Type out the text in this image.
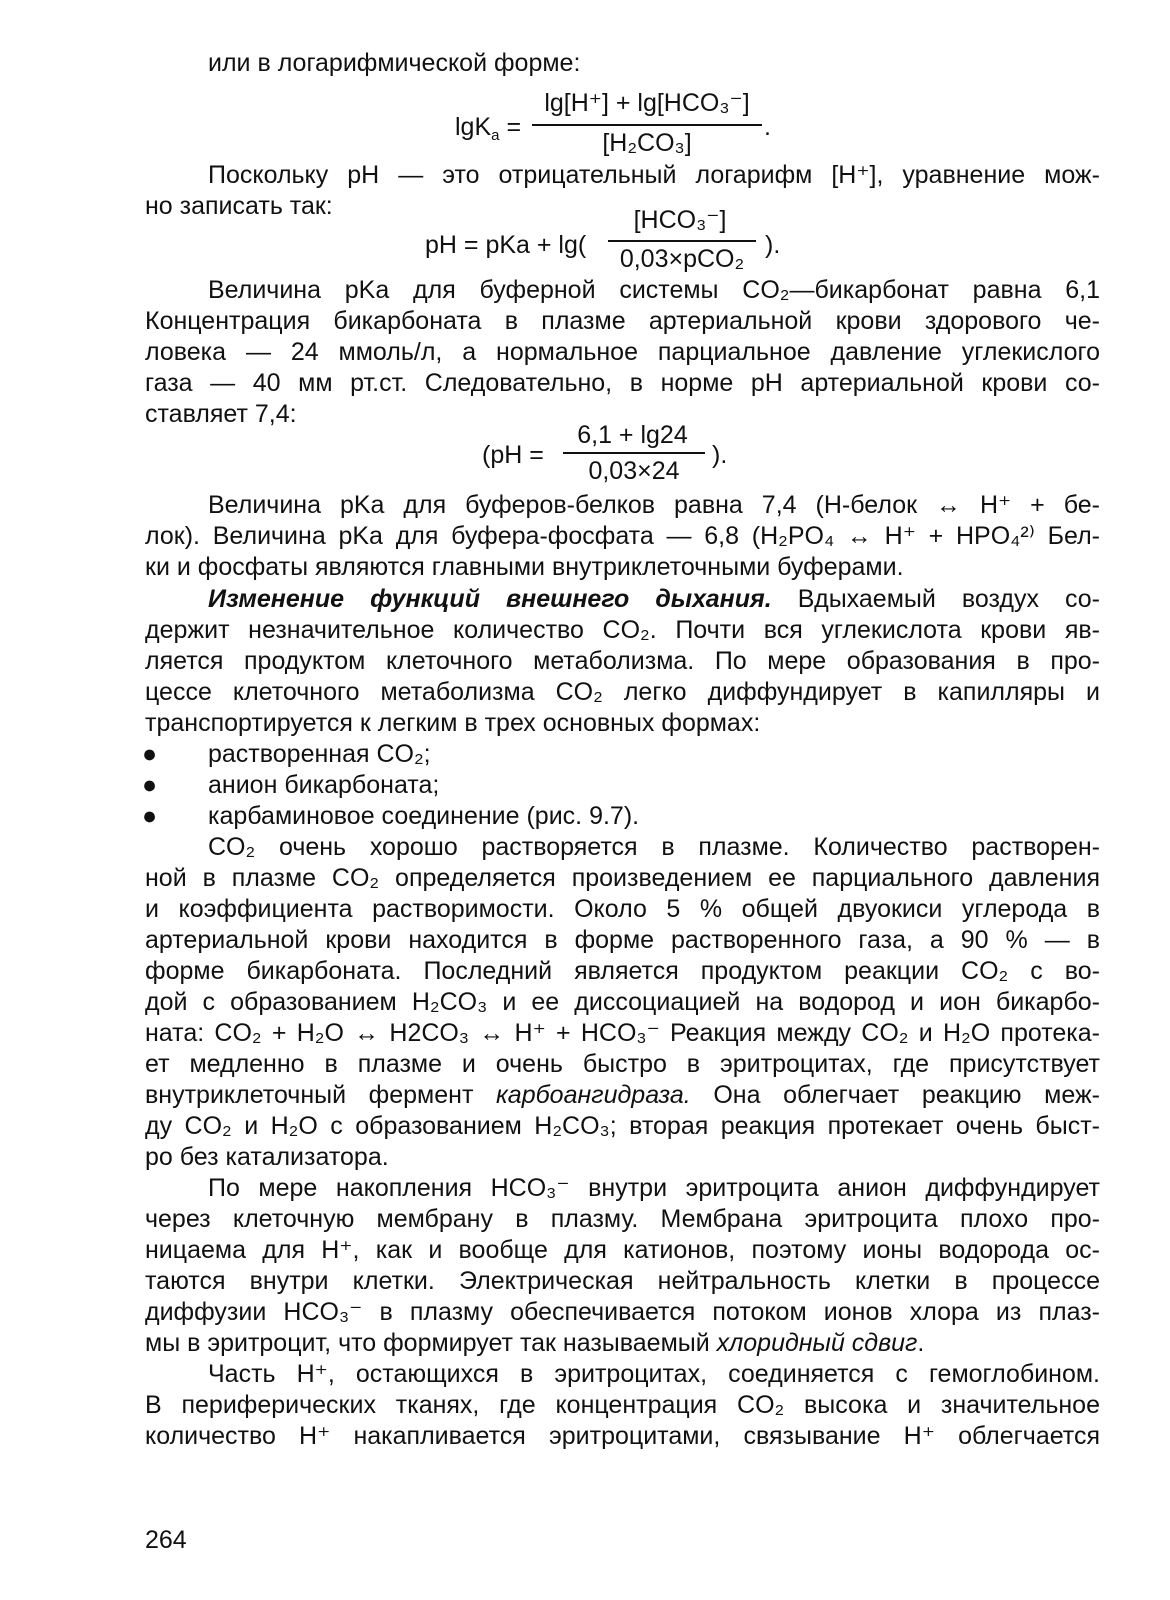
или в логарифмической форме:
lgK$_a$ =
lg[H⁺] + lg[HCO₃⁻]
[H₂CO₃]
.
Поскольку pH — это отрицательный логарифм [H⁺], уравнение мож-
но записать так:
pH = pKa + lg(
[HCO₃⁻]
0,03×pCO₂ ).
Величина pKa для буферной системы CO₂—бикарбонат равна 6,1
Концентрация бикарбоната в плазме артериальной крови здорового че-
ловека — 24 ммоль/л, а нормальное парциальное давление углекислого
газа — 40 мм рт.ст. Следовательно, в норме pH артериальной крови со-
ставляет 7,4:
(pH =
6,1 + lg24
0,03×24
).
Величина pKa для буферов-белков равна 7,4 (H-белок ↔ H⁺ + бе-
лок). Величина pKa для буфера-фосфата — 6,8 (H₂PO₄ ↔ H⁺ + HPO₄²⁾ Бел-
ки и фосфаты являются главными внутриклеточными буферами.
Изменение функций внешнего дыхания. Вдыхаемый воздух со-
держит незначительное количество CO₂. Почти вся углекислота крови яв-
ляется продуктом клеточного метаболизма. По мере образования в про-
цессе клеточного метаболизма CO₂ легко диффундирует в капилляры и
транспортируется к легким в трех основных формах:
● растворенная CO₂;
● анион бикарбоната;
● карбаминовое соединение (рис. 9.7).
CO₂ очень хорошо растворяется в плазме. Количество растворен-
ной в плазме CO₂ определяется произведением ее парциального давления
и коэффициента растворимости. Около 5 % общей двуокиси углерода в
артериальной крови находится в форме растворенного газа, а 90 % — в
форме бикарбоната. Последний является продуктом реакции CO₂ с во-
дой с образованием H₂CO₃ и ее диссоциацией на водород и ион бикарбо-
ната: CO₂ + H₂O ↔ H2CO₃ ↔ H⁺ + HCO₃⁻ Реакция между CO₂ и H₂O протека-
ет медленно в плазме и очень быстро в эритроцитах, где присутствует
внутриклеточный фермент карбоангидраза. Она облегчает реакцию меж-
ду CO₂ и H₂O с образованием H₂CO₃; вторая реакция протекает очень быст-
ро без катализатора.
По мере накопления HCO₃⁻ внутри эритроцита анион диффундирует
через клеточную мембрану в плазму. Мембрана эритроцита плохо про-
ницаема для H⁺, как и вообще для катионов, поэтому ионы водорода ос-
таются внутри клетки. Электрическая нейтральность клетки в процессе
диффузии HCO₃⁻ в плазму обеспечивается потоком ионов хлора из плаз-
мы в эритроцит, что формирует так называемый хлоридный сдвиг.
Часть H⁺, остающихся в эритроцитах, соединяется с гемоглобином.
В периферических тканях, где концентрация CO₂ высока и значительное
количество H⁺ накапливается эритроцитами, связывание H⁺ облегчается
264
